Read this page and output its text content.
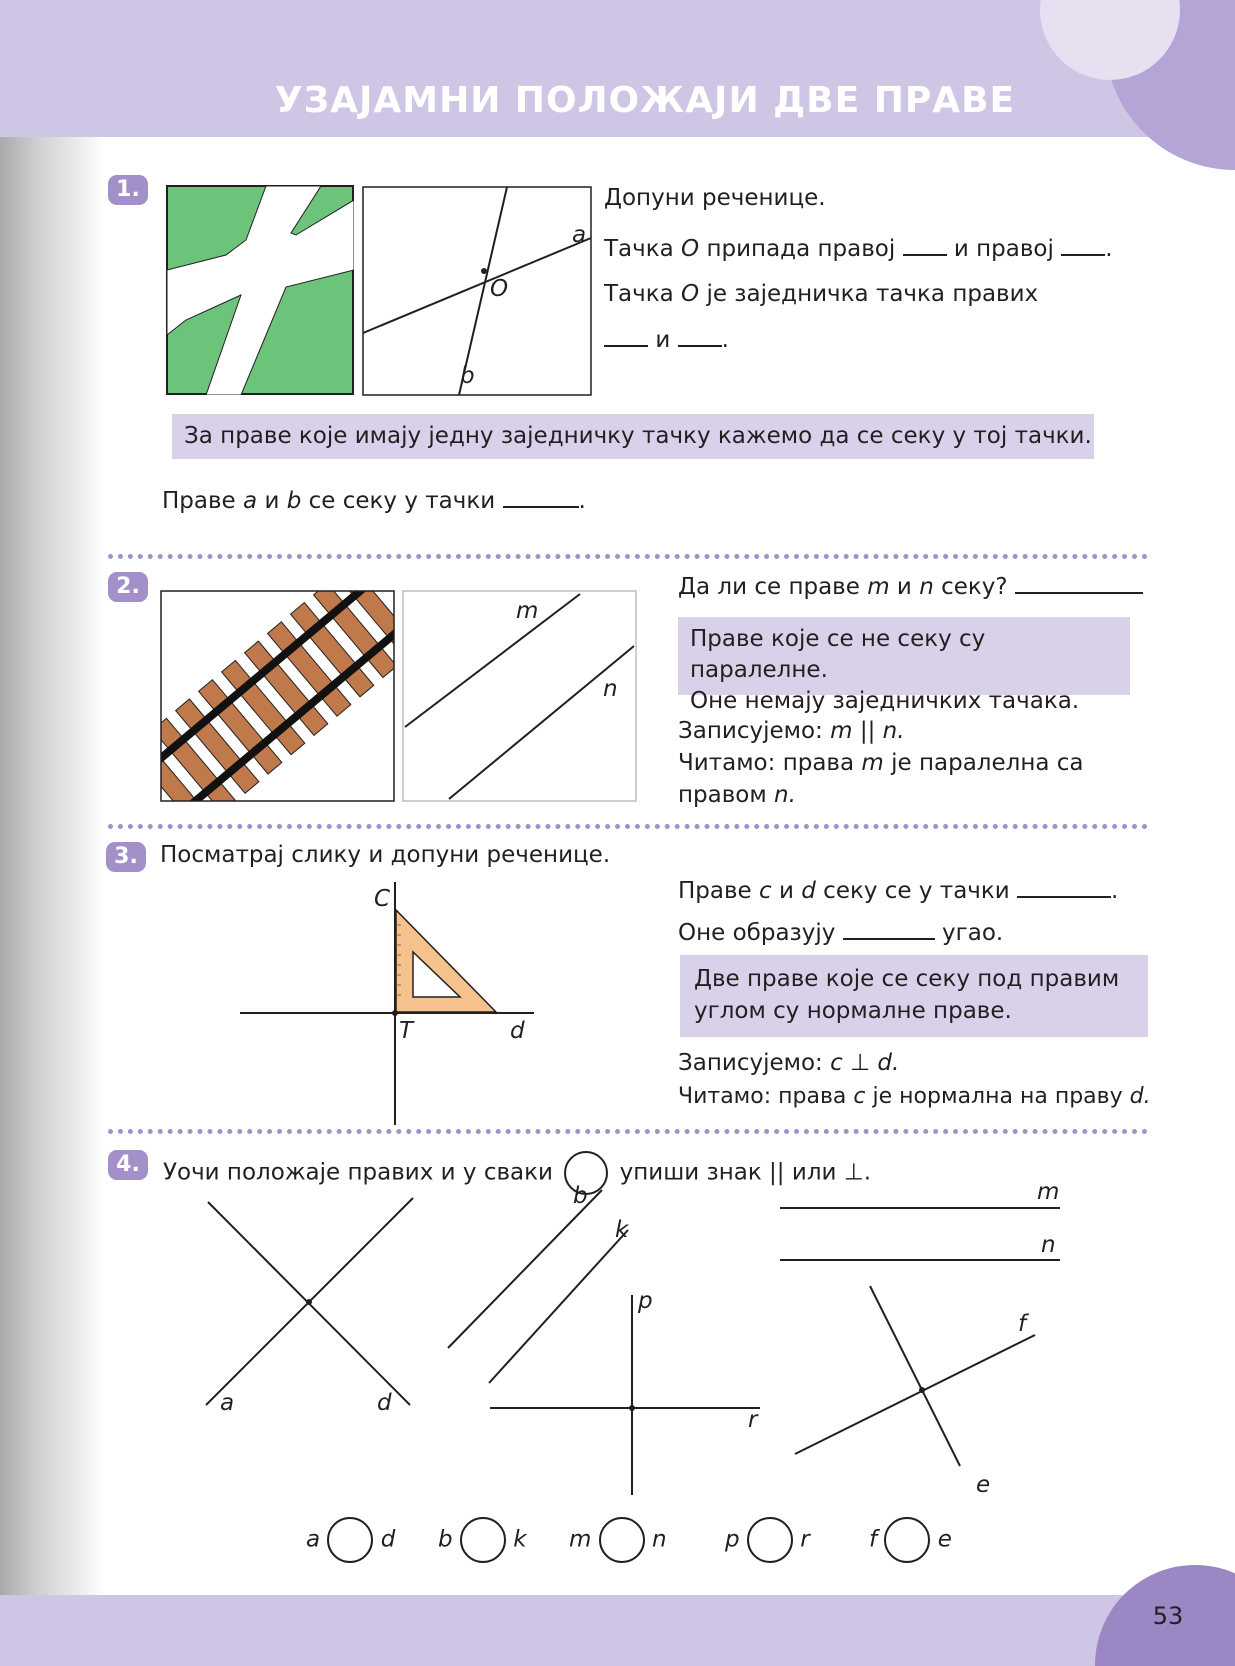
УЗАЈАМНИ ПОЛОЖАЈИ ДВЕ ПРАВЕ
53
1.
a
O
b
Допуни реченице.
Тачка O припада правој	и правој .
Тачка O је заједничка тачка правих
и .
За праве које имају једну заједничку тачку кажемо да се секу у тој тачки.
Праве a и b се секу у тачки	.
2.
m
n
Да ли се праве m и n секу?
Праве које се не секу су паралелне.
Оне немају заједничких тачака.
Записујемо: m || n.
Читамо: права m је паралелна са
правом n.
3. Посматрај слику и допуни реченице.
C
T	d
Праве c и d секу се у тачки	.
Оне образују	угао.
Две праве које се секу под правим
углом су нормалне праве.
Записујемо: c ⊥ d.
Читамо: права c је нормална на праву d.
4.	Уочи положаје правих и у сваки	упиши знак || или ⊥.
a	d
b
k
p
r
m
n
f
e
a	d b	k m	n	p	r	f	e
